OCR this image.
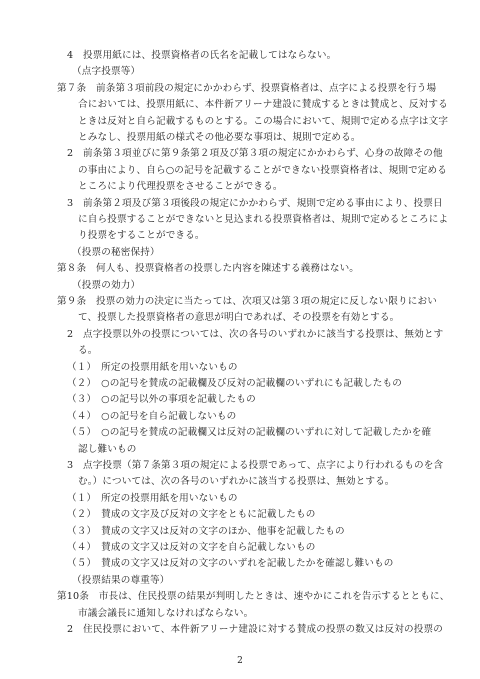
4　投票用紙には、投票資格者の氏名を記載してはならない。
（点字投票等）
第７条　前条第３項前段の規定にかかわらず、投票資格者は、点字による投票を行う場
合においては、投票用紙に、本件新アリーナ建設に賛成するときは賛成と、反対する
ときは反対と自ら記載するものとする。この場合において、規則で定める点字は文字
とみなし、投票用紙の様式その他必要な事項は、規則で定める。
2　前条第３項並びに第９条第２項及び第３項の規定にかかわらず、心身の故障その他
の事由により、自ら○の記号を記載することができない投票資格者は、規則で定める
ところにより代理投票をさせることができる。
3　前条第２項及び第３項後段の規定にかかわらず、規則で定める事由により、投票日
に自ら投票することができないと見込まれる投票資格者は、規則で定めるところによ
り投票をすることができる。
（投票の秘密保持）
第８条　何人も、投票資格者の投票した内容を陳述する義務はない。
（投票の効力）
第９条　投票の効力の決定に当たっては、次項又は第３項の規定に反しない限りにおい
て、投票した投票資格者の意思が明白であれば、その投票を有効とする。
2　点字投票以外の投票については、次の各号のいずれかに該当する投票は、無効とす
る。
（１）　所定の投票用紙を用いないもの
（２）　○の記号を賛成の記載欄及び反対の記載欄のいずれにも記載したもの
（３）　○の記号以外の事項を記載したもの
（４）　○の記号を自ら記載しないもの
（５）　○の記号を賛成の記載欄又は反対の記載欄のいずれに対して記載したかを確
認し難いもの
3　点字投票（第７条第３項の規定による投票であって、点字により行われるものを含
む。）については、次の各号のいずれかに該当する投票は、無効とする。
（１）　所定の投票用紙を用いないもの
（２）　賛成の文字及び反対の文字をともに記載したもの
（３）　賛成の文字又は反対の文字のほか、他事を記載したもの
（４）　賛成の文字又は反対の文字を自ら記載しないもの
（５）　賛成の文字又は反対の文字のいずれを記載したかを確認し難いもの
（投票結果の尊重等）
2
第10条　市長は、住民投票の結果が判明したときは、速やかにこれを告示するとともに、
市議会議長に通知しなければならない。
2　住民投票において、本件新アリーナ建設に対する賛成の投票の数又は反対の投票の
